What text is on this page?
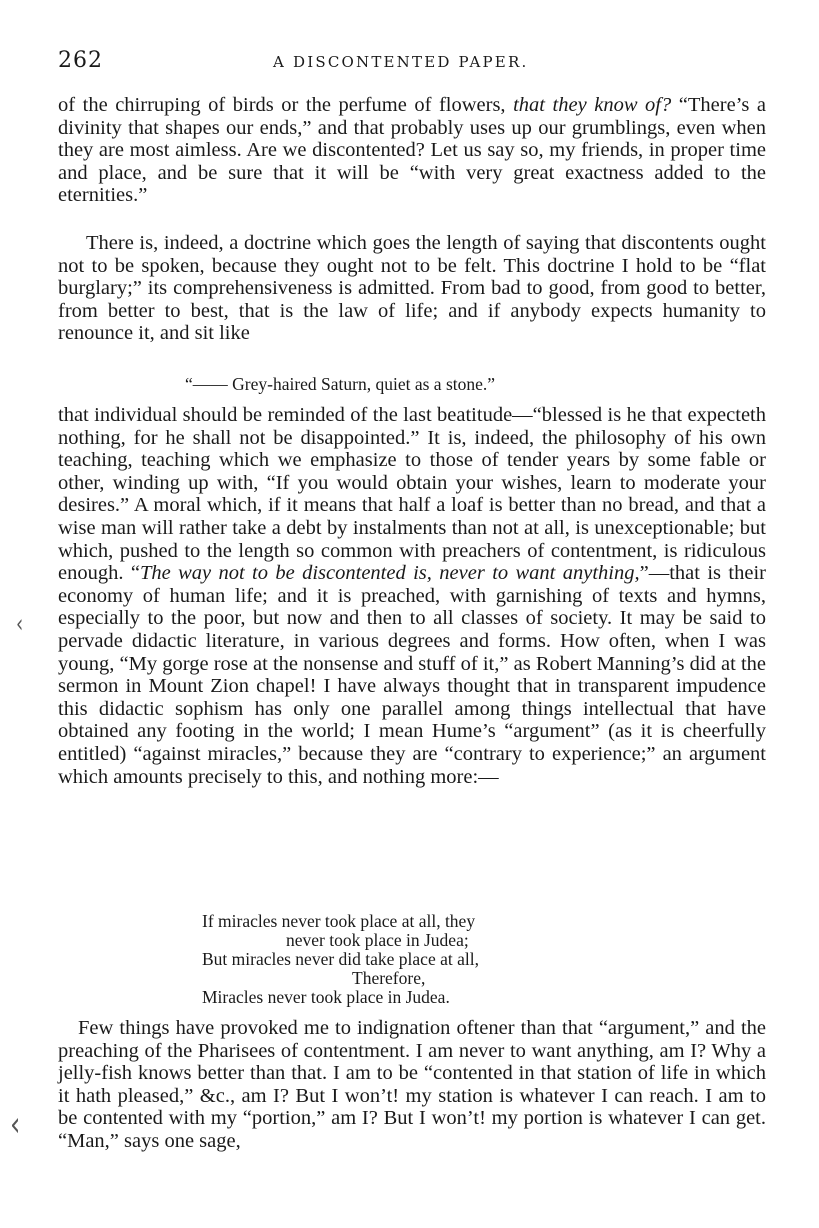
262	A DISCONTENTED PAPER.
of the chirruping of birds or the perfume of flowers, that they know of? “There’s a divinity that shapes our ends,” and that probably uses up our grumblings, even when they are most aimless. Are we discontented? Let us say so, my friends, in proper time and place, and be sure that it will be “with very great exactness added to the eternities.”
There is, indeed, a doctrine which goes the length of saying that discontents ought not to be spoken, because they ought not to be felt. This doctrine I hold to be “flat burglary;” its comprehensiveness is admitted. From bad to good, from good to better, from better to best, that is the law of life; and if anybody expects humanity to renounce it, and sit like
“—— Grey-haired Saturn, quiet as a stone.”
that individual should be reminded of the last beatitude—“blessed is he that expecteth nothing, for he shall not be disappointed.” It is, indeed, the philosophy of his own teaching, teaching which we emphasize to those of tender years by some fable or other, winding up with, “If you would obtain your wishes, learn to moderate your desires.” A moral which, if it means that half a loaf is better than no bread, and that a wise man will rather take a debt by instalments than not at all, is unexceptionable; but which, pushed to the length so common with preachers of contentment, is ridiculous enough. “The way not to be discontented is, never to want anything,”—that is their economy of human life; and it is preached, with garnishing of texts and hymns, especially to the poor, but now and then to all classes of society. It may be said to pervade didactic literature, in various degrees and forms. How often, when I was young, “My gorge rose at the nonsense and stuff of it,” as Robert Manning’s did at the sermon in Mount Zion chapel! I have always thought that in transparent impudence this didactic sophism has only one parallel among things intellectual that have obtained any footing in the world; I mean Hume’s “argument” (as it is cheerfully entitled) “against miracles,” because they are “contrary to experience;” an argument which amounts precisely to this, and nothing more:—
If miracles never took place at all, they
never took place in Judea;
But miracles never did take place at all,
Therefore,
Miracles never took place in Judea.
Few things have provoked me to indignation oftener than that “argument,” and the preaching of the Pharisees of contentment. I am never to want anything, am I? Why a jelly-fish knows better than that. I am to be “contented in that station of life in which it hath pleased,” &c., am I? But I won’t! my station is whatever I can reach. I am to be contented with my “portion,” am I? But I won’t! my portion is whatever I can get. “Man,” says one sage,
‹
‹
